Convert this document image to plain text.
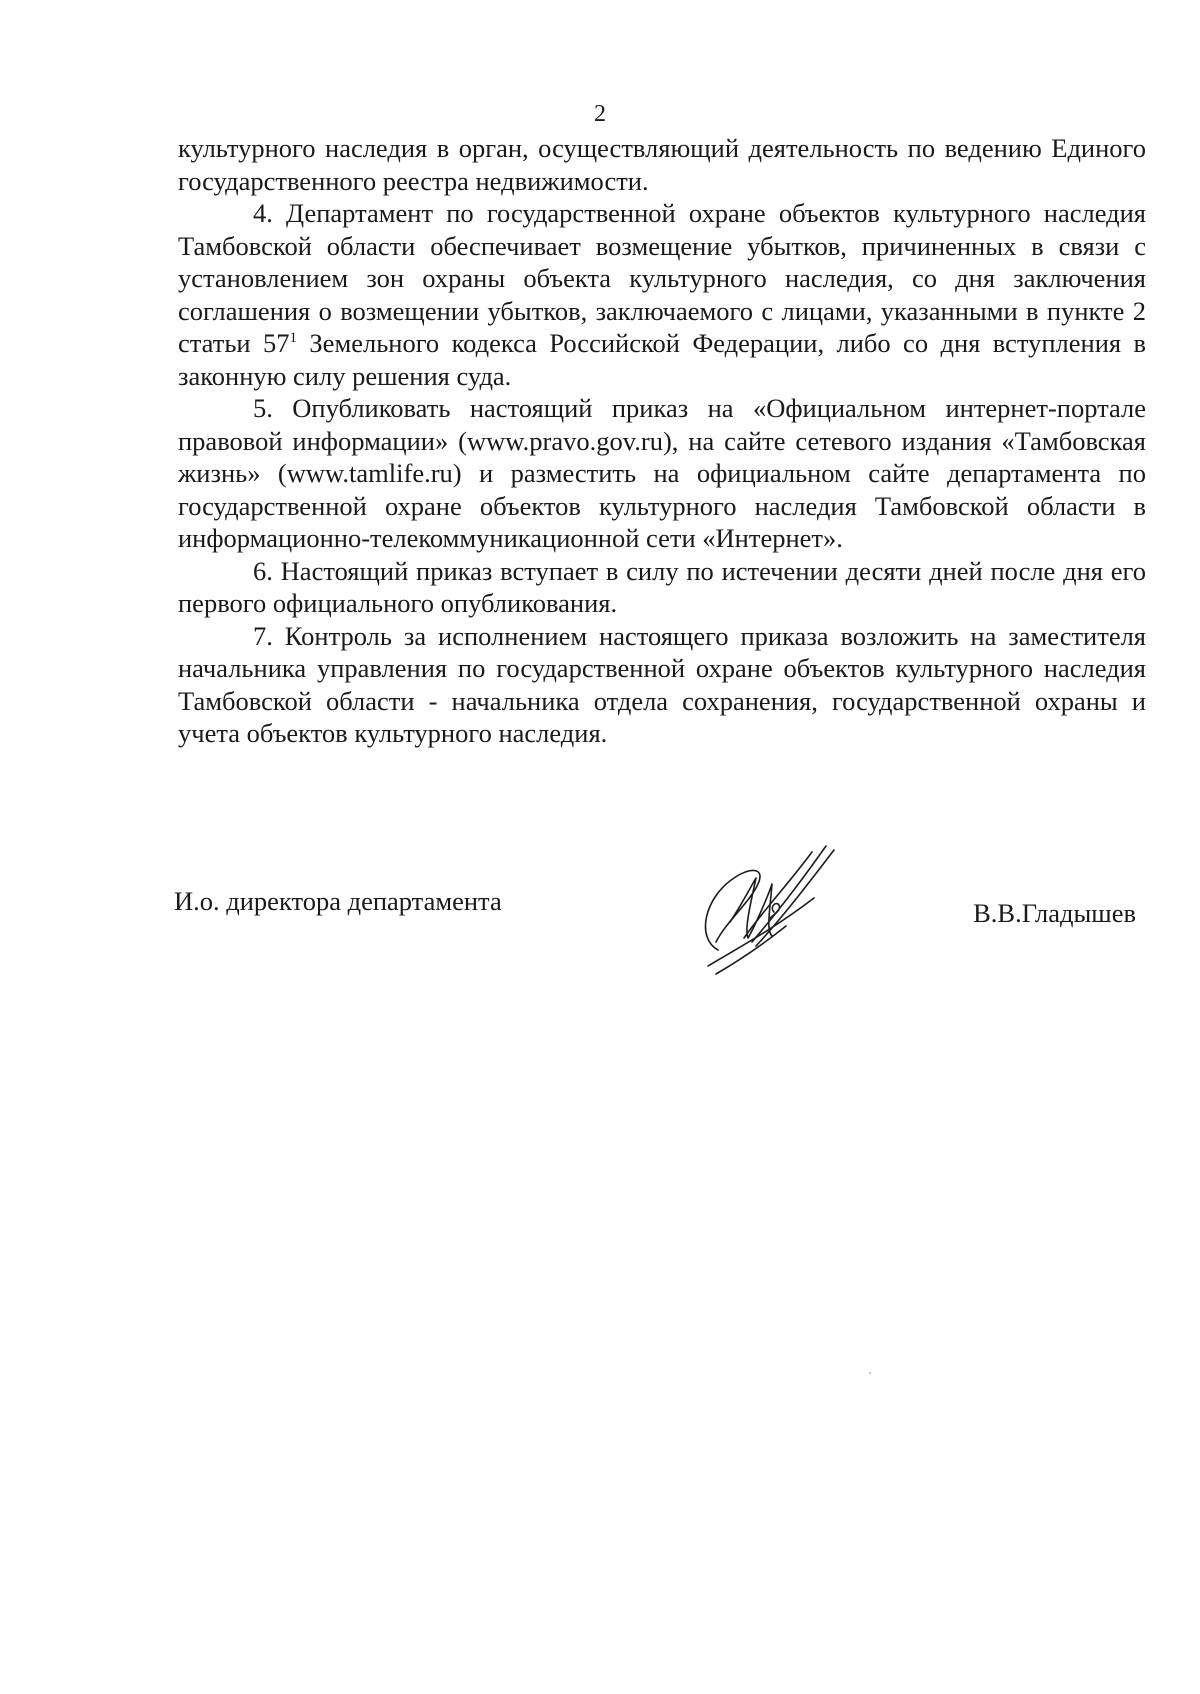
2

культурного наследия в орган, осуществляющий деятельность по ведению Единого государственного реестра недвижимости.

4. Департамент по государственной охране объектов культурного наследия Тамбовской области обеспечивает возмещение убытков, причиненных в связи с установлением зон охраны объекта культурного наследия, со дня заключения соглашения о возмещении убытков, заключаемого с лицами, указанными в пункте 2 статьи $57^1$ Земельного кодекса Российской Федерации, либо со дня вступления в законную силу решения суда.

5. Опубликовать настоящий приказ на «Официальном интернет-портале правовой информации» (www.pravo.gov.ru), на сайте сетевого издания «Тамбовская жизнь» (www.tamlife.ru) и разместить на официальном сайте департамента по государственной охране объектов культурного наследия Тамбовской области в информационно-телекоммуникационной сети «Интернет».

6. Настоящий приказ вступает в силу по истечении десяти дней после дня его первого официального опубликования.

7. Контроль за исполнением настоящего приказа возложить на заместителя начальника управления по государственной охране объектов культурного наследия Тамбовской области - начальника отдела сохранения, государственной охраны и учета объектов культурного наследия.

И.о. директора департамента	В.В.Гладышев
